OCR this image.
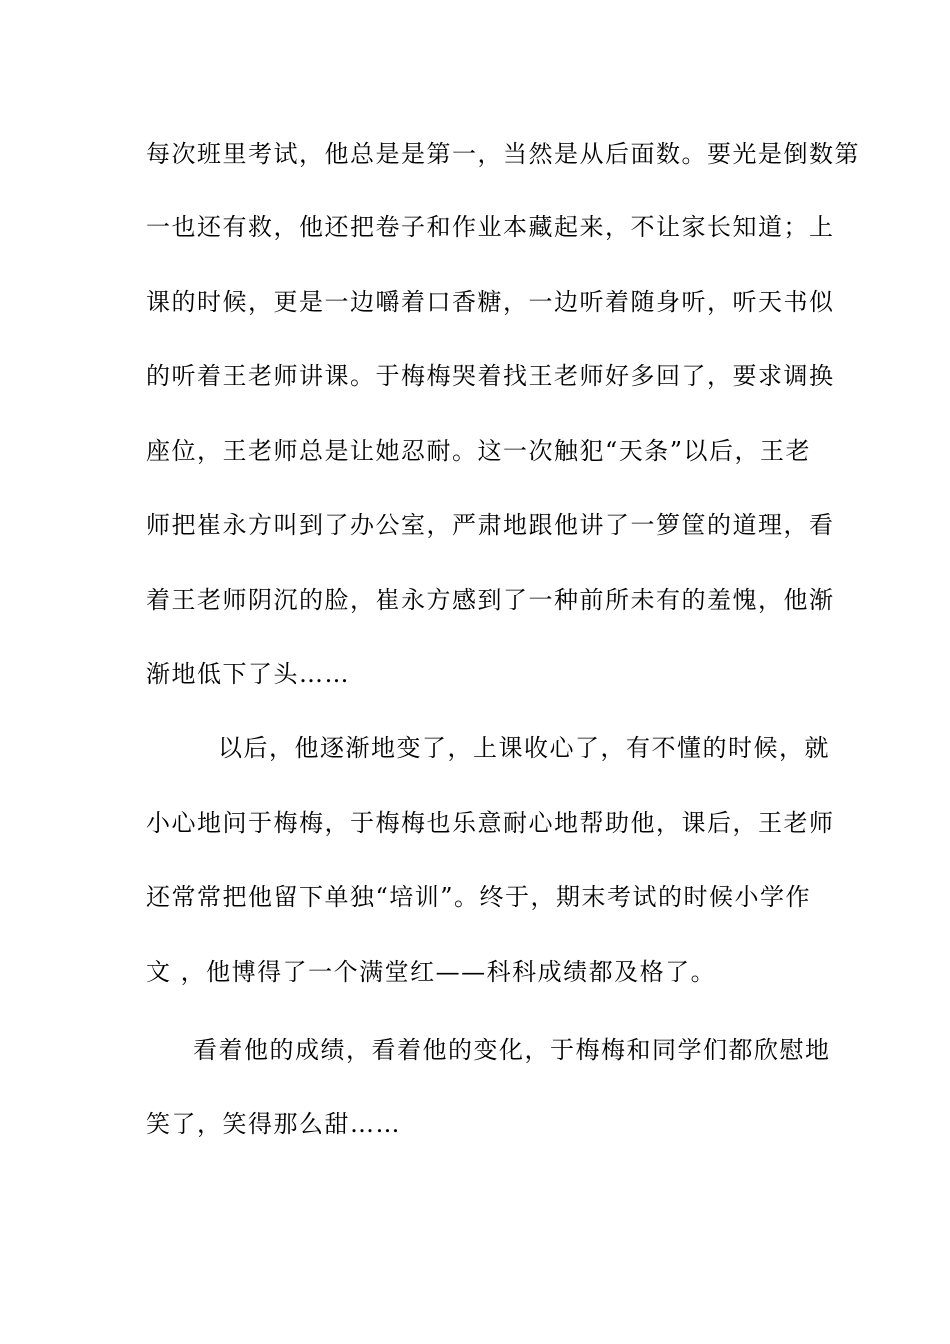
每次班里考试，他总是是第一，当然是从后面数。要光是倒数第
一也还有救，他还把卷子和作业本藏起来，不让家长知道；上
课的时候，更是一边嚼着口香糖，一边听着随身听，听天书似
的听着王老师讲课。于梅梅哭着找王老师好多回了，要求调换
座位，王老师总是让她忍耐。这一次触犯“天条”以后，王老
师把崔永方叫到了办公室，严肃地跟他讲了一箩筐的道理，看
着王老师阴沉的脸，崔永方感到了一种前所未有的羞愧，他渐
渐地低下了头……
以后，他逐渐地变了，上课收心了，有不懂的时候，就
小心地问于梅梅，于梅梅也乐意耐心地帮助他，课后，王老师
还常常把他留下单独“培训”。终于，期末考试的时候小学作
文 ，他博得了一个满堂红——科科成绩都及格了。
看着他的成绩，看着他的变化，于梅梅和同学们都欣慰地
笑了，笑得那么甜……
